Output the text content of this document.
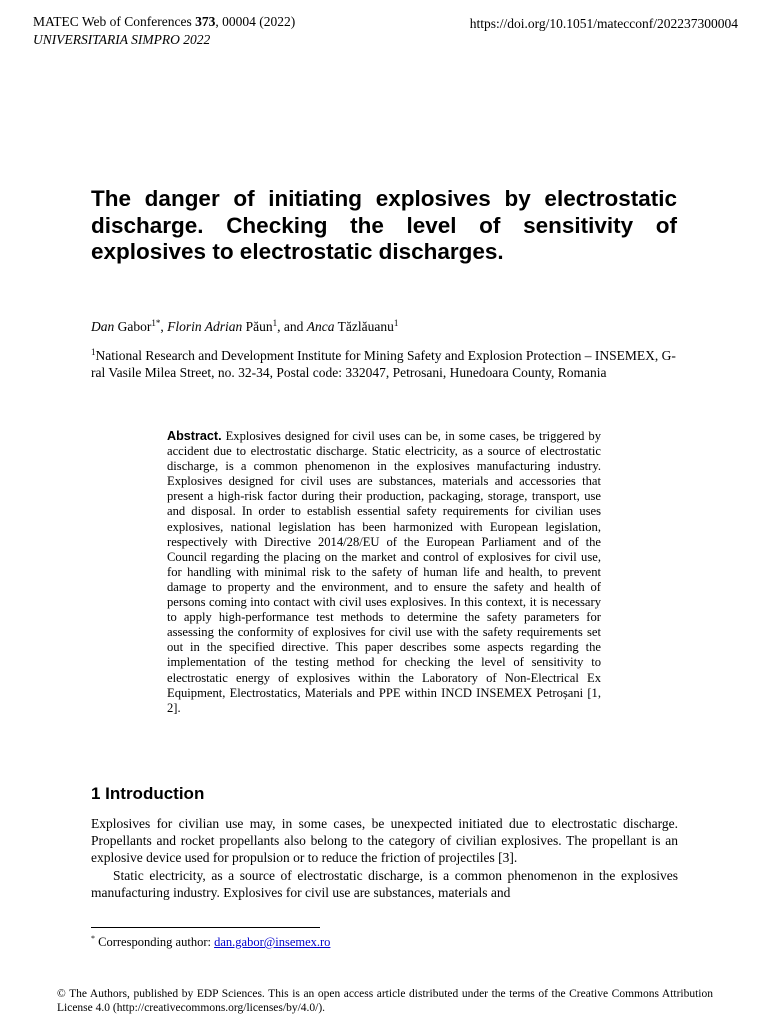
MATEC Web of Conferences 373, 00004 (2022)
UNIVERSITARIA SIMPRO 2022
https://doi.org/10.1051/matecconf/202237300004
The danger of initiating explosives by electrostatic discharge. Checking the level of sensitivity of explosives to electrostatic discharges.
Dan Gabor$^{1*}$, Florin Adrian Păun$^1$, and Anca Tăzlăuanu$^1$
$^1$National Research and Development Institute for Mining Safety and Explosion Protection – INSEMEX, G-ral Vasile Milea Street, no. 32-34, Postal code: 332047, Petrosani, Hunedoara County, Romania

Abstract. Explosives designed for civil uses can be, in some cases, be triggered by accident due to electrostatic discharge. Static electricity, as a source of electrostatic discharge, is a common phenomenon in the explosives manufacturing industry. Explosives designed for civil uses are substances, materials and accessories that present a high-risk factor during their production, packaging, storage, transport, use and disposal. In order to establish essential safety requirements for civilian uses explosives, national legislation has been harmonized with European legislation, respectively with Directive 2014/28/EU of the European Parliament and of the Council regarding the placing on the market and control of explosives for civil use, for handling with minimal risk to the safety of human life and health, to prevent damage to property and the environment, and to ensure the safety and health of persons coming into contact with civil uses explosives. In this context, it is necessary to apply high-performance test methods to determine the safety parameters for assessing the conformity of explosives for civil use with the safety requirements set out in the specified directive. This paper describes some aspects regarding the implementation of the testing method for checking the level of sensitivity to electrostatic energy of explosives within the Laboratory of Non-Electrical Ex Equipment, Electrostatics, Materials and PPE within INCD INSEMEX Petroșani [1, 2].

1 Introduction

Explosives for civilian use may, in some cases, be unexpected initiated due to electrostatic discharge. Propellants and rocket propellants also belong to the category of civilian explosives. The propellant is an explosive device used for propulsion or to reduce the friction of projectiles [3].

Static electricity, as a source of electrostatic discharge, is a common phenomenon in the explosives manufacturing industry. Explosives for civil use are substances, materials and

* Corresponding author: dan.gabor@insemex.ro
© The Authors, published by EDP Sciences. This is an open access article distributed under the terms of the Creative Commons Attribution License 4.0 (http://creativecommons.org/licenses/by/4.0/).
